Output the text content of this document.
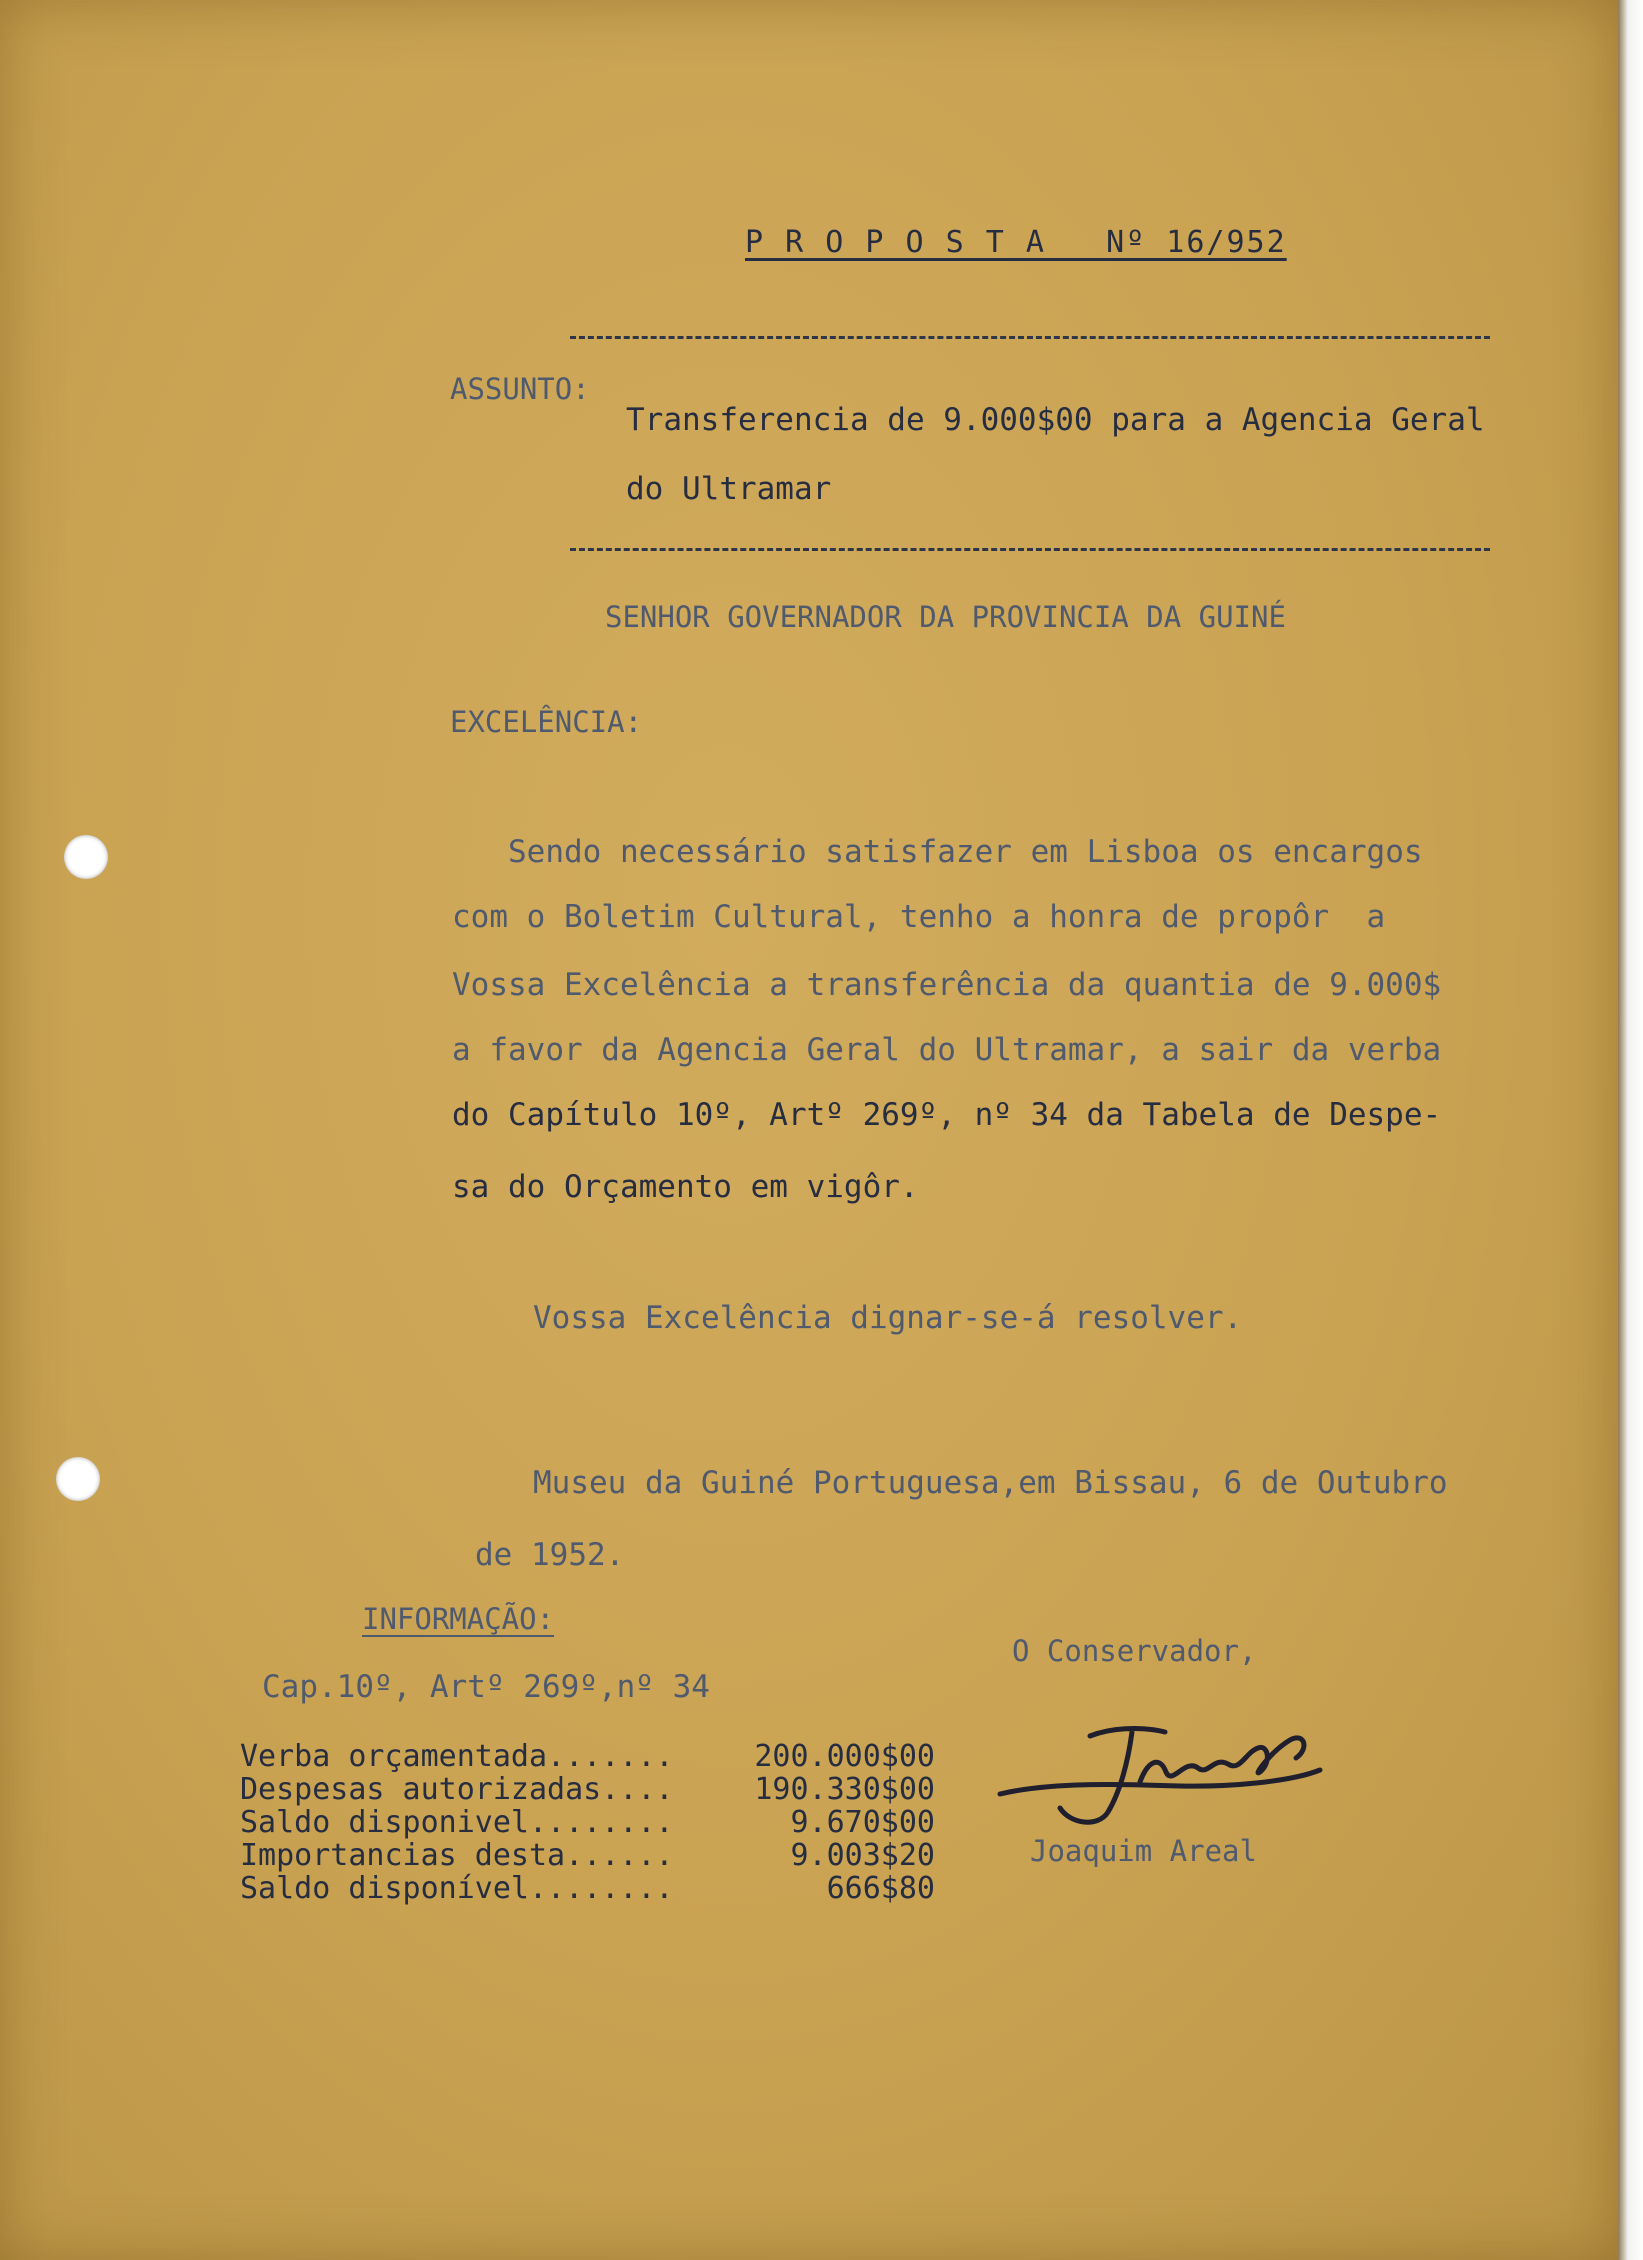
P R O P O S T A   Nº 16/952
ASSUNTO:
Transferencia de 9.000$00 para a Agencia Geral
do Ultramar
SENHOR GOVERNADOR DA PROVINCIA DA GUINÉ
EXCELÊNCIA:
Sendo necessário satisfazer em Lisboa os encargos
com o Boletim Cultural, tenho a honra de propôr  a
Vossa Excelência a transferência da quantia de 9.000$
a favor da Agencia Geral do Ultramar, a sair da verba
do Capítulo 10º, Artº 269º, nº 34 da Tabela de Despe-
sa do Orçamento em vigôr.
Vossa Excelência dignar-se-á resolver.
Museu da Guiné Portuguesa,em Bissau, 6 de Outubro
de 1952.
INFORMAÇÃO:
Cap.10º, Artº 269º,nº 34
Verba orçamentada.......	200.000$00
Despesas autorizadas....	190.330$00
Saldo disponivel........	9.670$00
Importancias desta......	9.003$20
Saldo disponível........	666$80
O Conservador,
Joaquim Areal
